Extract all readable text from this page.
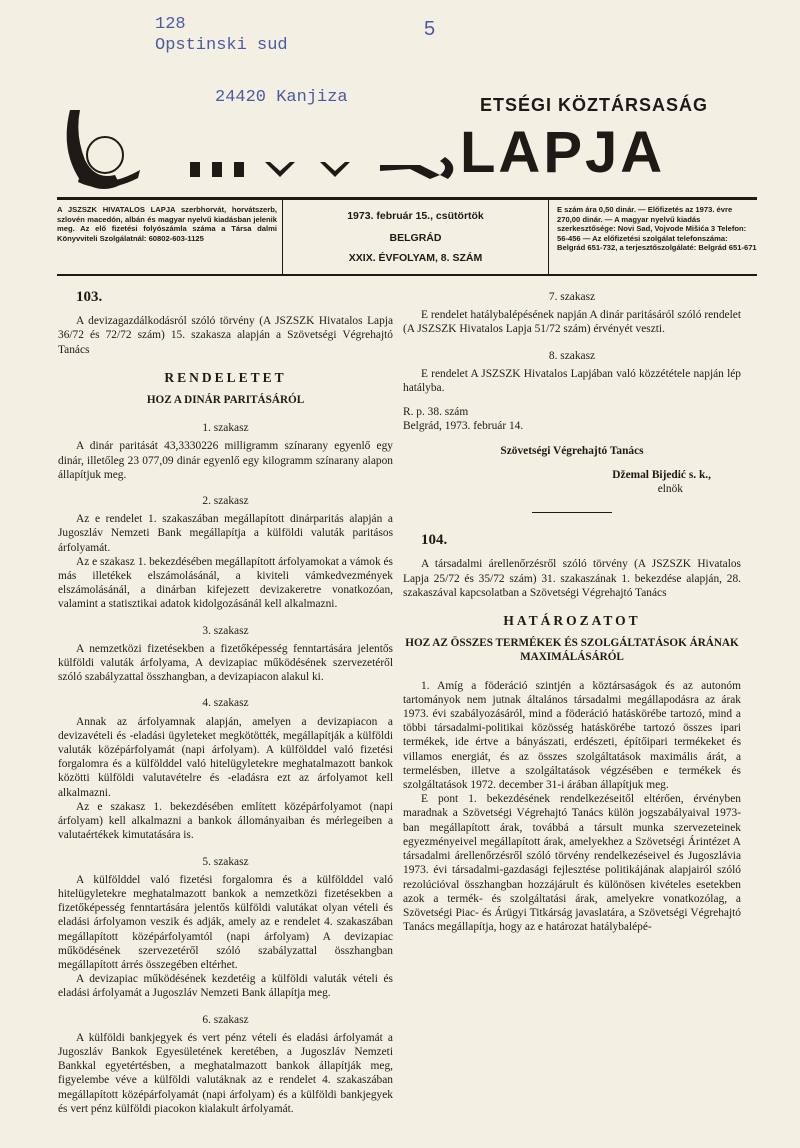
128
Opstinski sud
24420 Kanjiza
5
ETSÉGI KÖZTÁRSASÁG
LAPJA
A JSZSZK HIVATALOS LAPJA szerbhorvát, horvátszerb, szlovén macedón, albán és magyar nyelvű kiadásban jelenik meg. Az elő fizetési folyószámla száma a Társa dalmi Könyvviteli Szolgálatnál: 60802-603-1125
1973. február 15., csütörtök
BELGRÁD
XXIX. ÉVFOLYAM, 8. SZÁM
E szám ára 0,50 dinár. — Előfizetés az 1973. évre 270,00 dinár. — A magyar nyelvű kiadás szerkesztősége: Novi Sad, Vojvode Mišića 3 Telefon: 56-456 — Az előfizetési szolgálat telefonszáma: Belgrád 651-732, a terjesztőszolgálaté: Belgrád 651-671
103.

A devizagazdálkodásról szóló törvény (A JSZSZK Hivatalos Lapja 36/72 és 72/72 szám) 15. szakasza alapján a Szövetségi Végrehajtó Tanács

RENDELETET
HOZ A DINÁR PARITÁSÁRÓL
1. szakasz

A dinár paritását 43,3330226 milligramm színarany egyenlő egy dinár, illetőleg 23 077,09 dinár egyenlő egy kilogramm színarany alapon állapítjuk meg.

2. szakasz

Az e rendelet 1. szakaszában megállapított dinárparitás alapján a Jugoszláv Nemzeti Bank megállapítja a külföldi valuták paritásos árfolyamát.

Az e szakasz 1. bekezdésében megállapított árfolyamokat a vámok és más illetékek elszámolásánál, a kiviteli vámkedvezmények elszámolásánál, a dinárban kifejezett devizakeretre vonatkozóan, valamint a statisztikai adatok kidolgozásánál kell alkalmazni.

3. szakasz

A nemzetközi fizetésekben a fizetőképesség fenntartására jelentős külföldi valuták árfolyama, A devizapiac működésének szervezetéről szóló szabályzattal összhangban, a devizapiacon alakul ki.

4. szakasz

Annak az árfolyamnak alapján, amelyen a devizapiacon a devizavételi és -eladási ügyleteket megkötötték, megállapítják a külföldi valuták középárfolyamát (napi árfolyam). A külfölddel való fizetési forgalomra és a külfölddel való hitelügyletekre meghatalmazott bankok közötti külföldi valutavételre és -eladásra ezt az árfolyamot kell alkalmazni.

Az e szakasz 1. bekezdésében említett középárfolyamot (napi árfolyam) kell alkalmazni a bankok állományaiban és mérlegeiben a valutaértékek kimutatására is.

5. szakasz

A külfölddel való fizetési forgalomra és a külfölddel való hitelügyletekre meghatalmazott bankok a nemzetközi fizetésekben a fizetőképesség fenntartására jelentős külföldi valutákat olyan vételi és eladási árfolyamon veszik és adják, amely az e rendelet 4. szakaszában megállapított középárfolyamtól (napi árfolyam) A devizapiac működésének szervezetéről szóló szabályzattal összhangban megállapított árrés összegében eltérhet.

A devizapiac működésének kezdetéig a külföldi valuták vételi és eladási árfolyamát a Jugoszláv Nemzeti Bank állapítja meg.

6. szakasz

A külföldi bankjegyek és vert pénz vételi és eladási árfolyamát a Jugoszláv Bankok Egyesületének keretében, a Jugoszláv Nemzeti Bankkal egyetértésben, a meghatalmazott bankok állapítják meg, figyelembe véve a külföldi valutáknak az e rendelet 4. szakaszában megállapított középárfolyamát (napi árfolyam) és a külföldi bankjegyek és vert pénz külföldi piacokon kialakult árfolyamát.

7. szakasz

E rendelet hatálybalépésének napján A dinár paritásáról szóló rendelet (A JSZSZK Hivatalos Lapja 51/72 szám) érvényét veszti.

8. szakasz

E rendelet A JSZSZK Hivatalos Lapjában való közzététele napján lép hatályba.

R. p. 38. szám
Belgrád, 1973. február 14.
Szövetségi Végrehajtó Tanács
Džemal Bijedić s. k.,
elnök
104.

A társadalmi árellenőrzésről szóló törvény (A JSZSZK Hivatalos Lapja 25/72 és 35/72 szám) 31. szakaszának 1. bekezdése alapján, 28. szakaszával kapcsolatban a Szövetségi Végrehajtó Tanács

HATÁROZATOT
HOZ AZ ÖSSZES TERMÉKEK ÉS SZOLGÁLTATÁSOK ÁRÁNAK MAXIMÁLÁSÁRÓL

1. Amíg a föderáció szintjén a köztársaságok és az autonóm tartományok nem jutnak általános társadalmi megállapodásra az árak 1973. évi szabályozásáról, mind a föderáció hatáskörébe tartozó, mind a többi társadalmi-politikai közösség hatáskörébe tartozó összes ipari termékek, ide értve a bányászati, erdészeti, építőipari termékeket és villamos energiát, és az összes szolgáltatások maximális árát, a termelésben, illetve a szolgáltatások végzésében e termékek és szolgáltatások 1972. december 31-i árában állapítjuk meg.

E pont 1. bekezdésének rendelkezéseitől eltérően, érvényben maradnak a Szövetségi Végrehajtó Tanács külön jogszabályaival 1973-ban megállapított árak, továbbá a társult munka szervezeteinek egyezményeivel megállapított árak, amelyekhez a Szövetségi Árintézet A társadalmi árellenőrzésről szóló törvény rendelkezéseivel és Jugoszlávia 1973. évi társadalmi-gazdasági fejlesztése politikájának alapjairól szóló rezolúcióval összhangban hozzájárult és különösen kivételes esetekben azok a termék- és szolgáltatási árak, amelyekre vonatkozólag, a Szövetségi Piac- és Árügyi Titkárság javaslatára, a Szövetségi Végrehajtó Tanács megállapítja, hogy az e határozat hatálybalépé-
